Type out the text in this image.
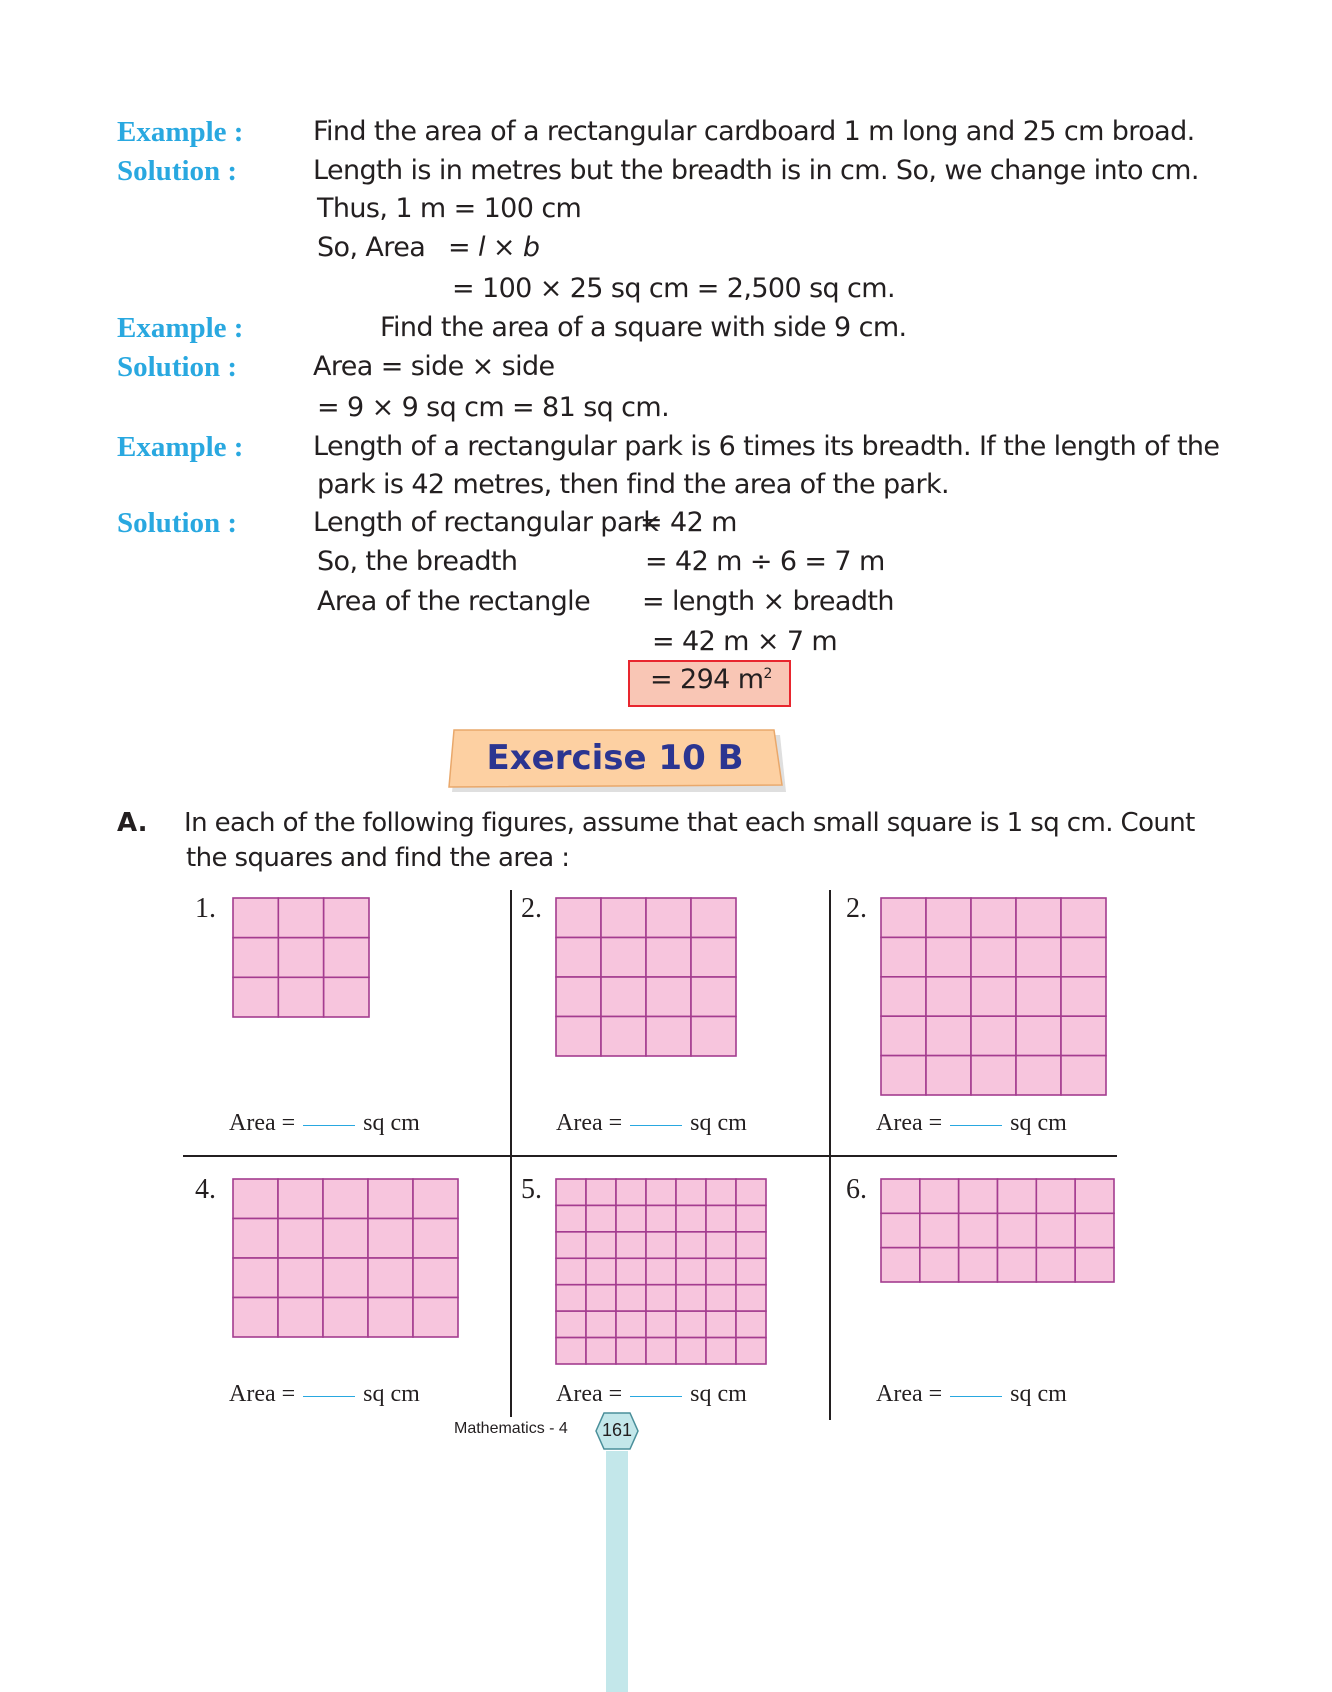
Example :	Find the area of a rectangular cardboard 1 m long and 25 cm broad.
Solution :	Length is in metres but the breadth is in cm. So, we change into cm.
Thus, 1 m = 100 cm
So, Area = l × b
= 100 × 25 sq cm = 2,500 sq cm.
Example :	Find the area of a square with side 9 cm.
Solution :	Area = side × side
= 9 × 9 sq cm = 81 sq cm.
Example :	Length of a rectangular park is 6 times its breadth. If the length of the
park is 42 metres, then find the area of the park.
Solution :	Length of rectangular park
= 42 m
So, the breadth	= 42 m ÷ 6 = 7 m
Area of the rectangle = length × breadth
= 42 m × 7 m
= 294 $m^2$
Exercise 10 B
A. In each of the following figures, assume that each small square is 1 sq cm. Count
the squares and find the area :
1.	2.	2.
4.	5.	6.
Area =	sq cm	Area =	sq cm	Area =	sq cm
Area =	sq cm	Area =	sq cm	Area =	sq cm
Mathematics - 4	161
